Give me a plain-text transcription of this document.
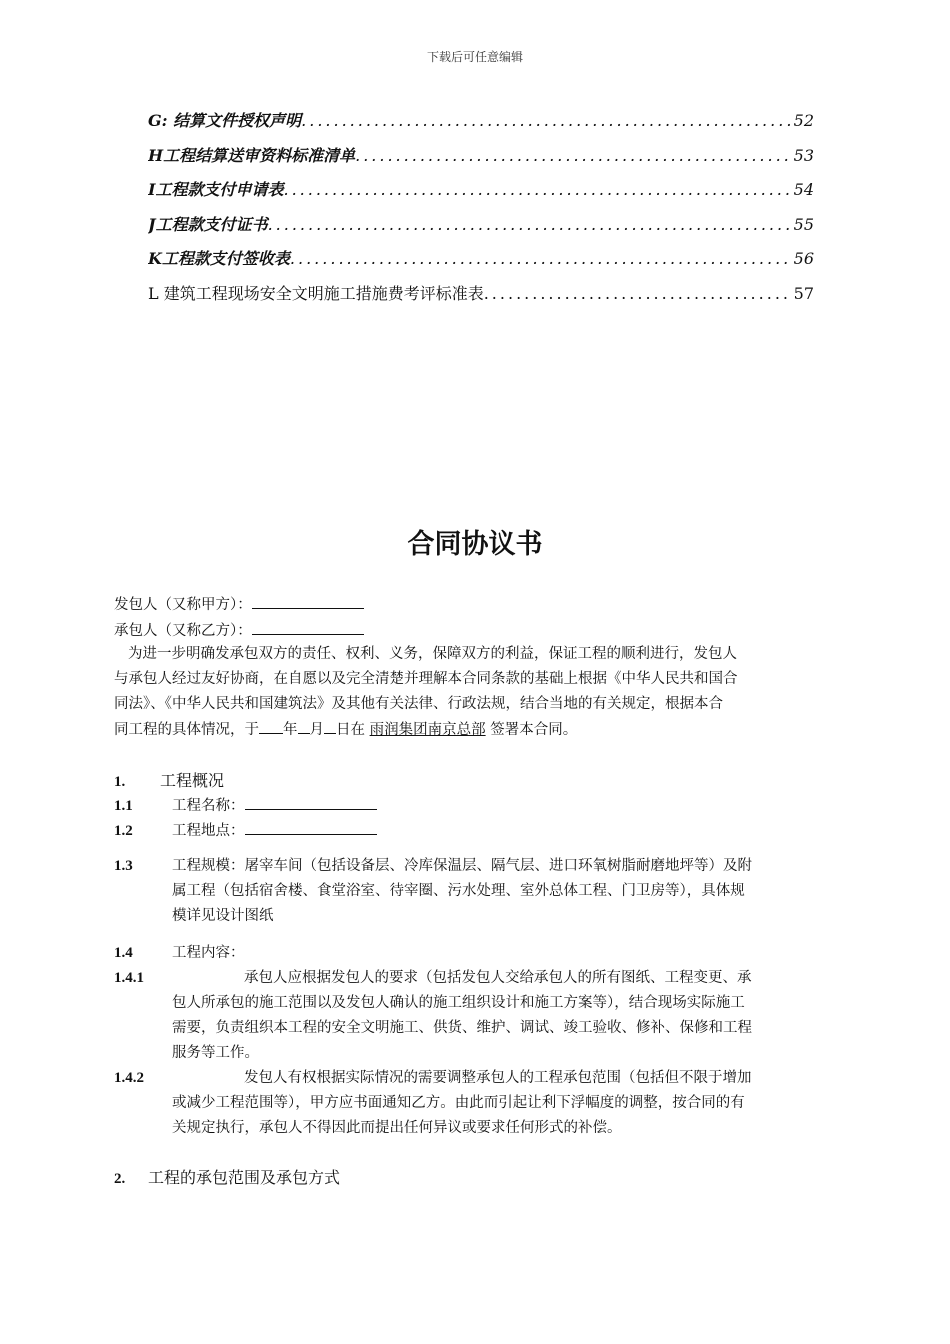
下载后可任意编辑
G: 结算文件授权声明 .....	52
H工程结算送审资料标准清单 .....	53
I工程款支付申请表 .....	54
J工程款支付证书 .....	55
K工程款支付签收表 .....	56
L 建筑工程现场安全文明施工措施费考评标准表 .....	57
合同协议书
发包人（又称甲方）：
承包人（又称乙方）：
为进一步明确发承包双方的责任、权利、义务，保障双方的利益，保证工程的顺利进行，发包人
与承包人经过友好协商，在自愿以及完全清楚并理解本合同条款的基础上根据《中华人民共和国合
同法》、《中华人民共和国建筑法》及其他有关法律、行政法规，结合当地的有关规定，根据本合
同工程的具体情况，于 年 月 日在 雨润集团南京总部 签署本合同。
1. 工程概况
1.1	工程名称：
1.2	工程地点：
1.3	工程规模：屠宰车间（包括设备层、冷库保温层、隔气层、进口环氧树脂耐磨地坪等）及附
属工程（包括宿舍楼、食堂浴室、待宰圈、污水处理、室外总体工程、门卫房等），具体规
模详见设计图纸
1.4	工程内容：
1.4.1	承包人应根据发包人的要求（包括发包人交给承包人的所有图纸、工程变更、承
包人所承包的施工范围以及发包人确认的施工组织设计和施工方案等），结合现场实际施工
需要，负责组织本工程的安全文明施工、供货、维护、调试、竣工验收、修补、保修和工程
服务等工作。
1.4.2	发包人有权根据实际情况的需要调整承包人的工程承包范围（包括但不限于增加
或减少工程范围等），甲方应书面通知乙方。由此而引起让利下浮幅度的调整，按合同的有
关规定执行，承包人不得因此而提出任何异议或要求任何形式的补偿。
2. 工程的承包范围及承包方式
